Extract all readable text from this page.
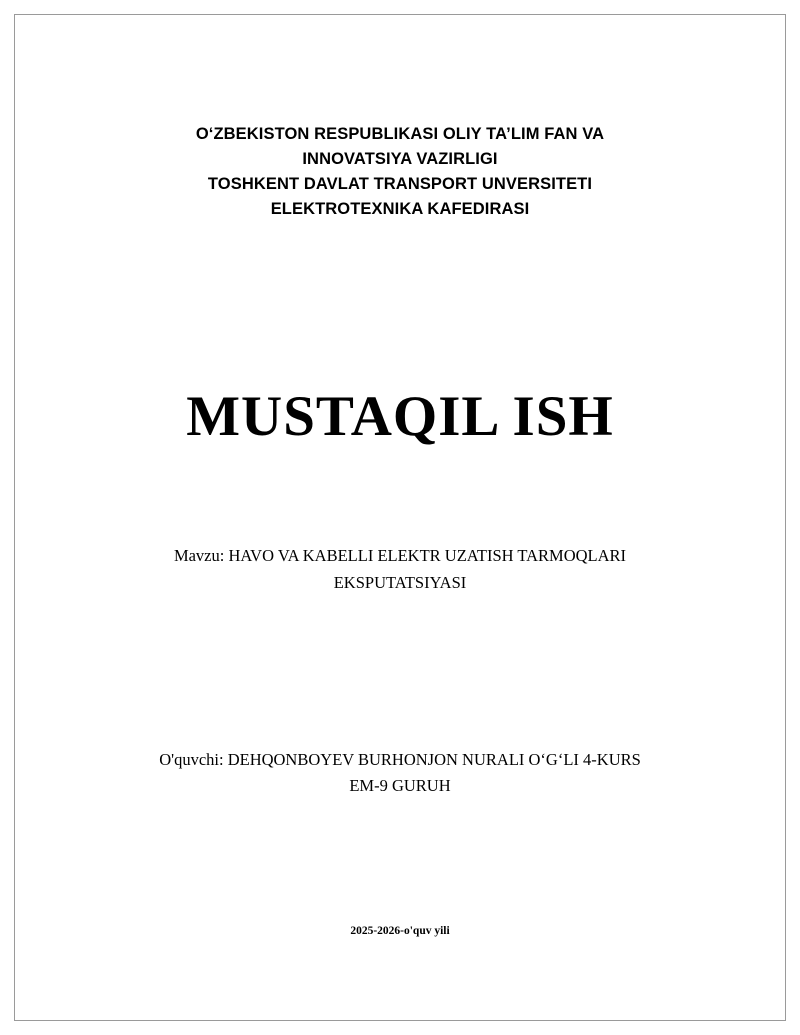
O‘ZBEKISTON RESPUBLIKASI OLIY TA’LIM FAN VA
INNOVATSIYA VAZIRLIGI
TOSHKENT DAVLAT TRANSPORT UNVERSITETI
ELEKTROTEXNIKA KAFEDIRASI
MUSTAQIL ISH
Mavzu: HAVO VA KABELLI ELEKTR UZATISH TARMOQLARI EKSPUTATSIYASI
O'quvchi: DEHQONBOYEV BURHONJON NURALI O‘G‘LI 4-KURS
EM-9 GURUH
2025-2026-o'quv yili
